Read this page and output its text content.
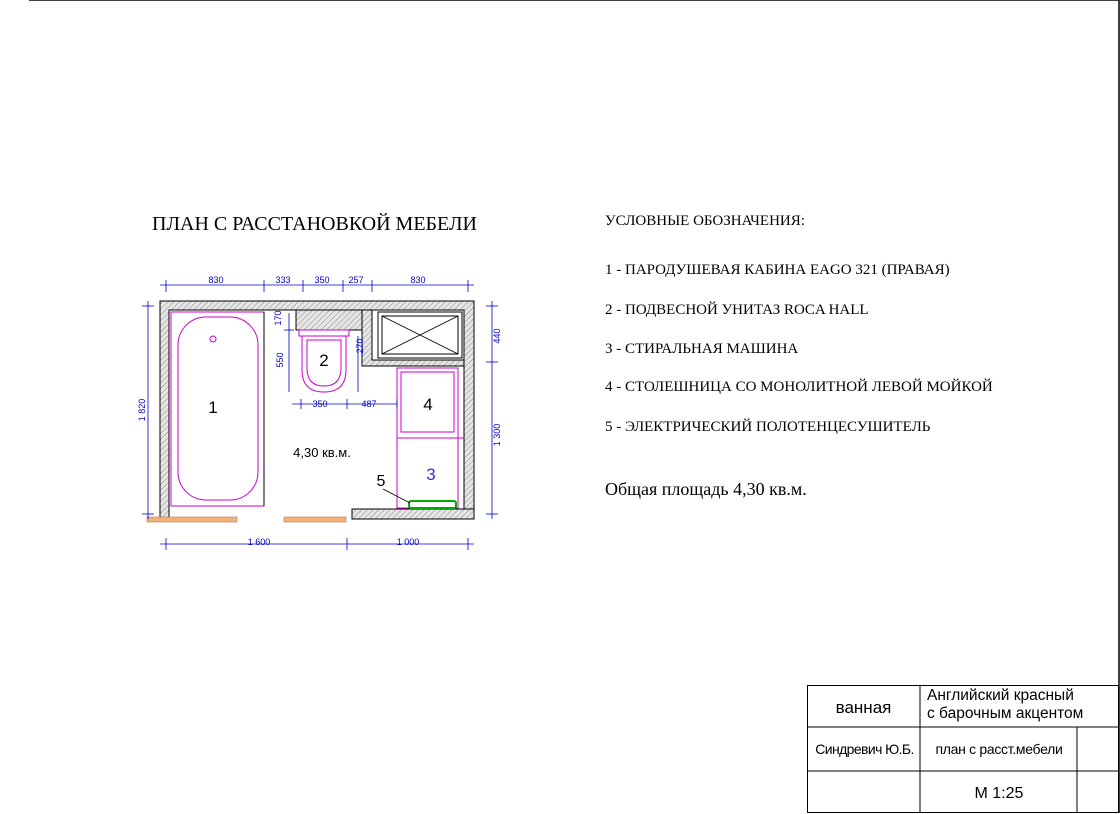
ПЛАН С РАССТАНОВКОЙ МЕБЕЛИ	УСЛОВНЫЕ ОБОЗНАЧЕНИЯ:
1 - ПАРОДУШЕВАЯ КАБИНА EAGO 321 (ПРАВАЯ)
2 - ПОДВЕСНОЙ УНИТАЗ ROCA HALL
3 - СТИРАЛЬНАЯ МАШИНА
4 - СТОЛЕШНИЦА СО МОНОЛИТНОЙ ЛЕВОЙ МОЙКОЙ
5 - ЭЛЕКТРИЧЕСКИЙ ПОЛОТЕНЦЕСУШИТЕЛЬ
Общая площадь 4,30 кв.м.
830	333	350 257	830
1 600	1 000
350	487
1 820
440
1 300
170
550
270
1
2
3
4
5
4,30 кв.м.
ванная
Английский красный
с барочным акцентом
Синдревич Ю.Б.	план с расст.мебели
М 1:25
